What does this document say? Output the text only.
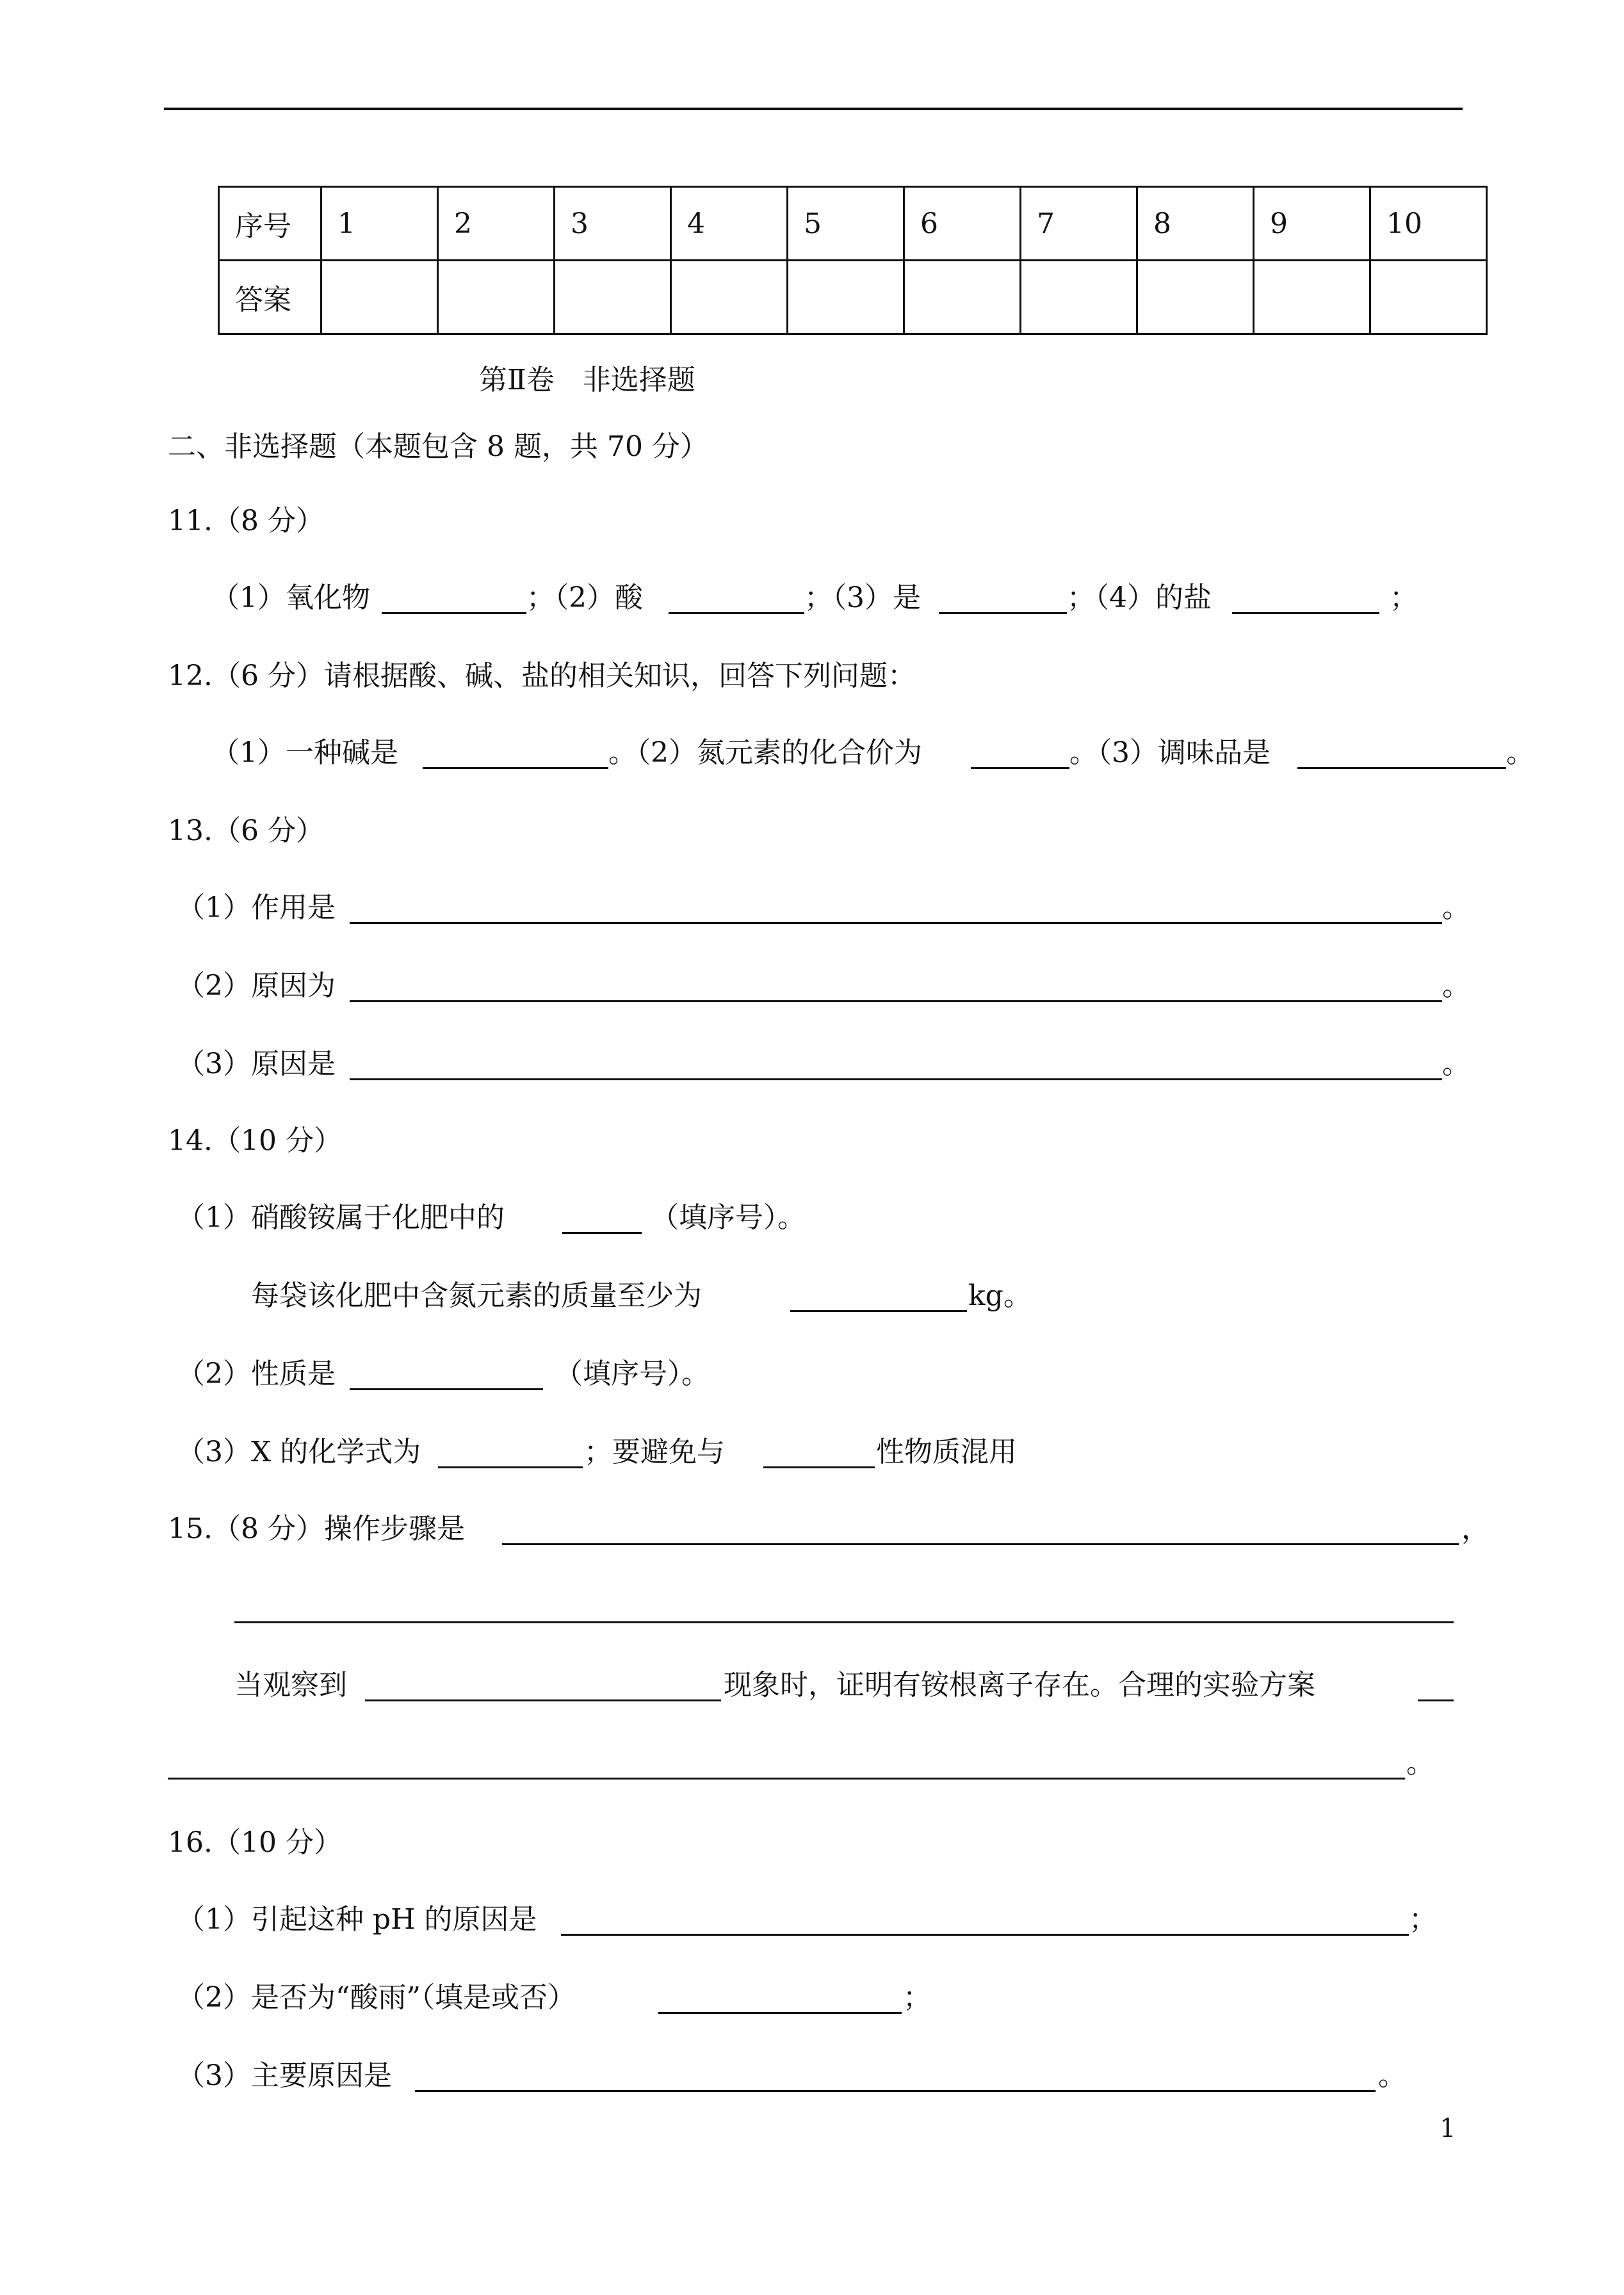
序号	1	2	3	4	5	6	7	8	9	10
答案										
第Ⅱ卷　非选择题
二、非选择题（本题包含 8 题，共 70 分）
11.（8 分）
（1）氧化物	；（2）酸	；（3）是	；（4）的盐	；
12.（6 分）请根据酸、碱、盐的相关知识，回答下列问题：
（1）一种碱是	。（2）氮元素的化合价为	。（3）调味品是	。
13.（6 分）
（1）作用是	。
（2）原因为	。
（3）原因是	。
14.（10 分）
（1）硝酸铵属于化肥中的	（填序号）。
每袋该化肥中含氮元素的质量至少为	kg。
（2）性质是	（填序号）。
（3）X 的化学式为	；要避免与	性物质混用
15.（8 分）操作步骤是	，
当观察到	现象时，证明有铵根离子存在。合理的实验方案
。
16.（10 分）
（1）引起这种 pH 的原因是	；
（2）是否为“酸雨”（填是或否）	；
（3）主要原因是	。
1
